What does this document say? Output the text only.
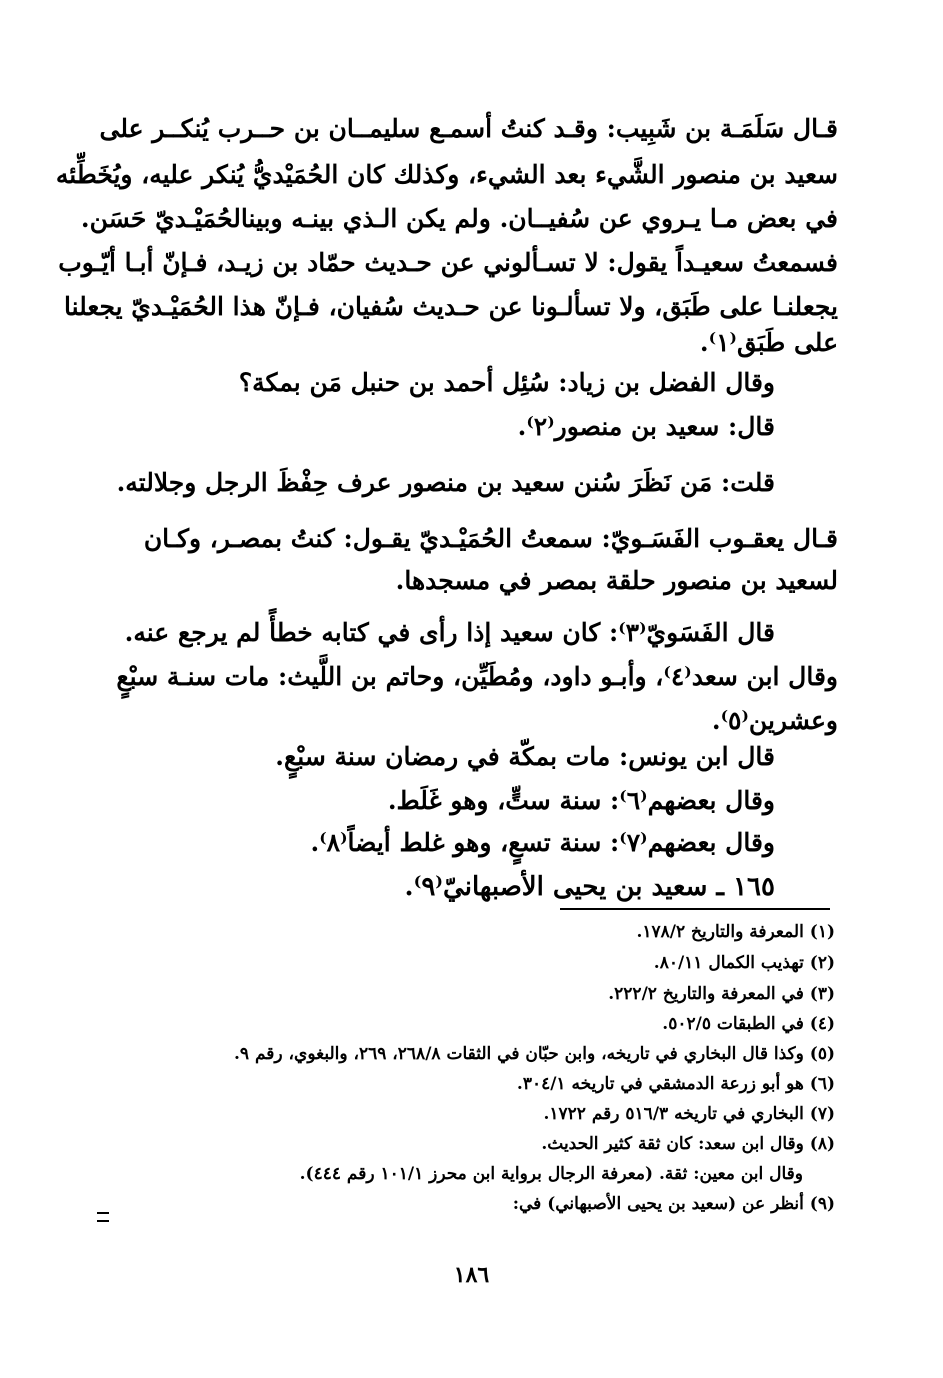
قـال سَلَمَـة بن شَبِيب: وقـد كنتُ أسمـع سليمــان بن حــرب يُنكــر على
سعيد بن منصور الشَّيء بعد الشيء، وكذلك كان الحُمَيْديُّ يُنكر عليه، ويُخَطِّئه
في بعض مـا يـروي عن سُفيــان. ولم يكن الـذي بينـه وبينالحُمَيْـديّ حَسَن.
فسمعتُ سعيـداً يقول: لا تسـألوني عن حـديث حمّاد بن زيـد، فـإنّ أبـا أيّـوب
يجعلنـا على طَبَق، ولا تسألـونا عن حـديث سُفيان، فـإنّ هذا الحُمَيْـديّ يجعلنا
على طَبَق⁽١⁾.
وقال الفضل بن زياد: سُئِل أحمد بن حنبل مَن بمكة؟
قال: سعيد بن منصور⁽٢⁾.
قلت: مَن نَظَرَ سُنن سعيد بن منصور عرف حِفْظَ الرجل وجلالته.
قـال يعقـوب الفَسَـويّ: سمعتُ الحُمَيْـديّ يقـول: كنتُ بمصـر، وكـان
لسعيد بن منصور حلقة بمصر في مسجدها.
قال الفَسَويّ⁽٣⁾: كان سعيد إذا رأى في كتابه خطأً لم يرجع عنه.
وقال ابن سعد⁽٤⁾، وأبـو داود، ومُطَيِّن، وحاتم بن اللَّيث: مات سنـة سبْعٍ
وعشرين⁽٥⁾.
قال ابن يونس: مات بمكّة في رمضان سنة سبْعٍ.
وقال بعضهم⁽٦⁾: سنة ستٍّ، وهو غَلَط.
وقال بعضهم⁽٧⁾: سنة تسعٍ، وهو غلط أيضاً⁽٨⁾.
١٦٥ ـ سعيد بن يحيى الأصبهانيّ⁽٩⁾.
(١) المعرفة والتاريخ ١٧٨/٢.
(٢) تهذيب الكمال ٨٠/١١.
(٣) في المعرفة والتاريخ ٢٢٢/٢.
(٤) في الطبقات ٥٠٢/٥.
(٥) وكذا قال البخاري في تاريخه، وابن حبّان في الثقات ٢٦٨/٨، ٢٦٩، والبغوي، رقم ٩.
(٦) هو أبو زرعة الدمشقي في تاريخه ٣٠٤/١.
(٧) البخاري في تاريخه ٥١٦/٣ رقم ١٧٢٢.
(٨) وقال ابن سعد: كان ثقة كثير الحديث.
وقال ابن معين: ثقة. (معرفة الرجال برواية ابن محرز ١٠١/١ رقم ٤٤٤).
(٩) أنظر عن (سعيد بن يحيى الأصبهاني) في:
١٨٦
